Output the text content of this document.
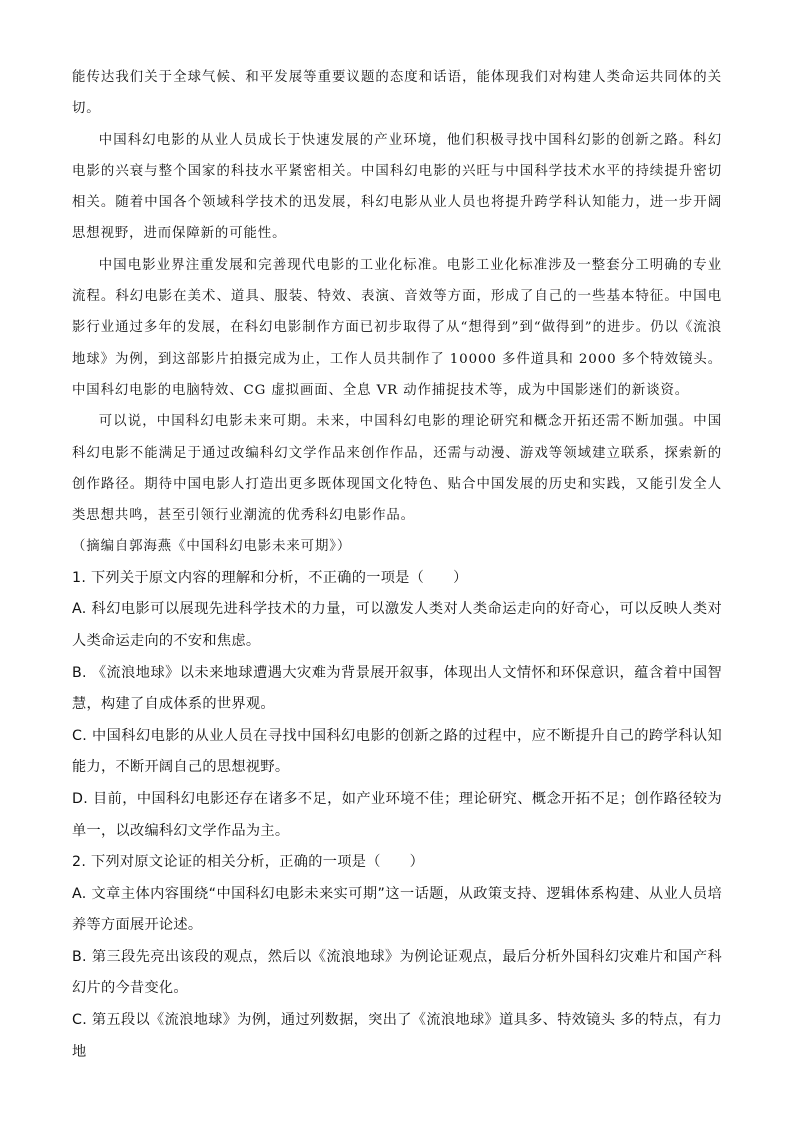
能传达我们关于全球气候、和平发展等重要议题的态度和话语，能体现我们对构建人类命运共同体的关切。

中国科幻电影的从业人员成长于快速发展的产业环境，他们积极寻找中国科幻影的创新之路。科幻电影的兴衰与整个国家的科技水平紧密相关。中国科幻电影的兴旺与中国科学技术水平的持续提升密切相关。随着中国各个领域科学技术的迅发展，科幻电影从业人员也将提升跨学科认知能力，进一步开阔思想视野，进而保障新的可能性。

中国电影业界注重发展和完善现代电影的工业化标准。电影工业化标准涉及一整套分工明确的专业流程。科幻电影在美术、道具、服装、特效、表演、音效等方面，形成了自己的一些基本特征。中国电影行业通过多年的发展，在科幻电影制作方面已初步取得了从“想得到”到“做得到”的进步。仍以《流浪地球》为例，到这部影片拍摄完成为止，工作人员共制作了 10000 多件道具和 2000 多个特效镜头。中国科幻电影的电脑特效、CG 虚拟画面、全息 VR 动作捕捉技术等，成为中国影迷们的新谈资。

可以说，中国科幻电影未来可期。未来，中国科幻电影的理论研究和概念开拓还需不断加强。中国科幻电影不能满足于通过改编科幻文学作品来创作作品，还需与动漫、游戏等领域建立联系，探索新的创作路径。期待中国电影人打造出更多既体现国文化特色、贴合中国发展的历史和实践，又能引发全人类思想共鸣，甚至引领行业潮流的优秀科幻电影作品。

（摘编自郭海燕《中国科幻电影未来可期》）

1. 下列关于原文内容的理解和分析，不正确的一项是（　　）

A. 科幻电影可以展现先进科学技术的力量，可以激发人类对人类命运走向的好奇心，可以反映人类对人类命运走向的不安和焦虑。

B. 《流浪地球》以未来地球遭遇大灾难为背景展开叙事，体现出人文情怀和环保意识，蕴含着中国智慧，构建了自成体系的世界观。

C. 中国科幻电影的从业人员在寻找中国科幻电影的创新之路的过程中，应不断提升自己的跨学科认知能力，不断开阔自己的思想视野。

D. 目前，中国科幻电影还存在诸多不足，如产业环境不佳；理论研究、概念开拓不足；创作路径较为单一，以改编科幻文学作品为主。

2. 下列对原文论证的相关分析，正确的一项是（　　）

A. 文章主体内容围绕“中国科幻电影未来实可期”这一话题，从政策支持、逻辑体系构建、从业人员培养等方面展开论述。

B. 第三段先亮出该段的观点，然后以《流浪地球》为例论证观点，最后分析外国科幻灾难片和国产科幻片的今昔变化。

C. 第五段以《流浪地球》为例，通过列数据，突出了《流浪地球》道具多、特效镜头 多的特点，有力地
